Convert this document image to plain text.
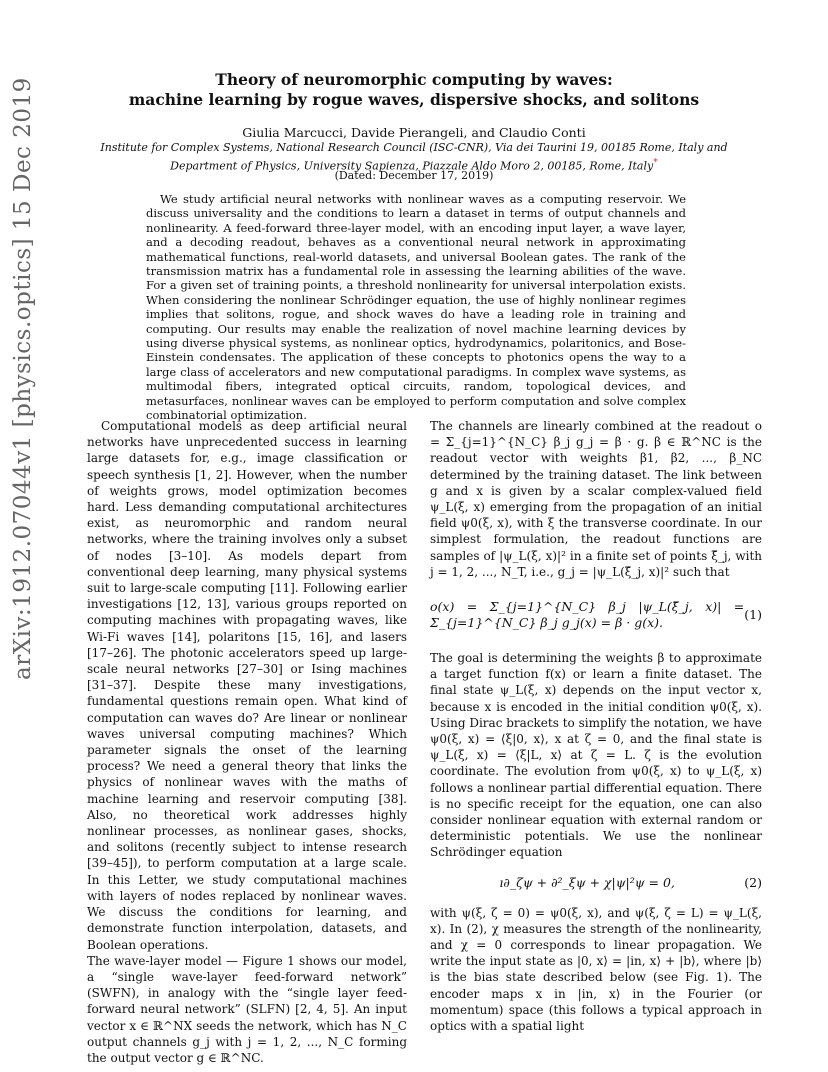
Theory of neuromorphic computing by waves:
machine learning by rogue waves, dispersive shocks, and solitons
Giulia Marcucci, Davide Pierangeli, and Claudio Conti
Institute for Complex Systems, National Research Council (ISC-CNR), Via dei Taurini 19, 00185 Rome, Italy and
Department of Physics, University Sapienza, Piazzale Aldo Moro 2, 00185, Rome, Italy*
(Dated: December 17, 2019)
We study artificial neural networks with nonlinear waves as a computing reservoir. We discuss universality and the conditions to learn a dataset in terms of output channels and nonlinearity. A feed-forward three-layer model, with an encoding input layer, a wave layer, and a decoding readout, behaves as a conventional neural network in approximating mathematical functions, real-world datasets, and universal Boolean gates. The rank of the transmission matrix has a fundamental role in assessing the learning abilities of the wave. For a given set of training points, a threshold nonlinearity for universal interpolation exists. When considering the nonlinear Schrödinger equation, the use of highly nonlinear regimes implies that solitons, rogue, and shock waves do have a leading role in training and computing. Our results may enable the realization of novel machine learning devices by using diverse physical systems, as nonlinear optics, hydrodynamics, polaritonics, and Bose-Einstein condensates. The application of these concepts to photonics opens the way to a large class of accelerators and new computational paradigms. In complex wave systems, as multimodal fibers, integrated optical circuits, random, topological devices, and metasurfaces, nonlinear waves can be employed to perform computation and solve complex combinatorial optimization.
arXiv:1912.07044v1 [physics.optics] 15 Dec 2019	Computational models as deep artificial neural networks have unprecedented success in learning large datasets for, e.g., image classification or speech synthesis [1, 2]. However, when the number of weights grows, model optimization becomes hard. Less demanding computational architectures exist, as neuromorphic and random neural networks, where the training involves only a subset of nodes [3–10]. As models depart from conventional deep learning, many physical systems suit to large-scale computing [11]. Following earlier investigations [12, 13], various groups reported on computing machines with propagating waves, like Wi-Fi waves [14], polaritons [15, 16], and lasers [17–26]. The photonic accelerators speed up large-scale neural networks [27–30] or Ising machines [31–37]. Despite these many investigations, fundamental questions remain open. What kind of computation can waves do? Are linear or nonlinear waves universal computing machines? Which parameter signals the onset of the learning process? We need a general theory that links the physics of nonlinear waves with the maths of machine learning and reservoir computing [38]. Also, no theoretical work addresses highly nonlinear processes, as nonlinear gases, shocks, and solitons (recently subject to intense research [39–45]), to perform computation at a large scale. In this Letter, we study computational machines with layers of nodes replaced by nonlinear waves. We discuss the conditions for learning, and demonstrate function interpolation, datasets, and Boolean operations.

The wave-layer model — Figure 1 shows our model, a “single wave-layer feed-forward network” (SWFN), in analogy with the “single layer feed-forward neural network” (SLFN) [2, 4, 5]. An input vector x ∈ ℝ^NX seeds the network, which has N_C output channels g_j with j = 1, 2, ..., N_C forming the output vector g ∈ ℝ^NC.

The channels are linearly combined at the readout o = Σ_{j=1}^{N_C} β_j g_j = β · g. β ∈ ℝ^NC is the readout vector with weights β1, β2, ..., β_NC determined by the training dataset. The link between g and x is given by a scalar complex-valued field ψ_L(ξ, x) emerging from the propagation of an initial field ψ0(ξ, x), with ξ the transverse coordinate. In our simplest formulation, the readout functions are samples of |ψ_L(ξ, x)|² in a finite set of points ξ̄_j, with j = 1, 2, ..., N_T, i.e., g_j = |ψ_L(ξ̄_j, x)|² such that

o(x) = Σ_{j=1}^{N_C} β_j |ψ_L(ξ̄_j, x)| = Σ_{j=1}^{N_C} β_j g_j(x) = β · g(x).
(1)

The goal is determining the weights β to approximate a target function f(x) or learn a finite dataset. The final state ψ_L(ξ, x) depends on the input vector x, because x is encoded in the initial condition ψ0(ξ, x). Using Dirac brackets to simplify the notation, we have ψ0(ξ, x) = ⟨ξ|0, x⟩, x at ζ = 0, and the final state is ψ_L(ξ, x) = ⟨ξ|L, x⟩ at ζ = L. ζ is the evolution coordinate. The evolution from ψ0(ξ, x) to ψ_L(ξ, x) follows a nonlinear partial differential equation. There is no specific receipt for the equation, one can also consider nonlinear equation with external random or deterministic potentials. We use the nonlinear Schrödinger equation

ı∂_ζψ + ∂²_ξψ + χ|ψ|²ψ = 0,	(2)

with ψ(ξ, ζ = 0) = ψ0(ξ, x), and ψ(ξ, ζ = L) = ψ_L(ξ, x). In (2), χ measures the strength of the nonlinearity, and χ = 0 corresponds to linear propagation. We write the input state as |0, x⟩ = |in, x⟩ + |b⟩, where |b⟩ is the bias state described below (see Fig. 1). The encoder maps x in |in, x⟩ in the Fourier (or momentum) space (this follows a typical approach in optics with a spatial light
